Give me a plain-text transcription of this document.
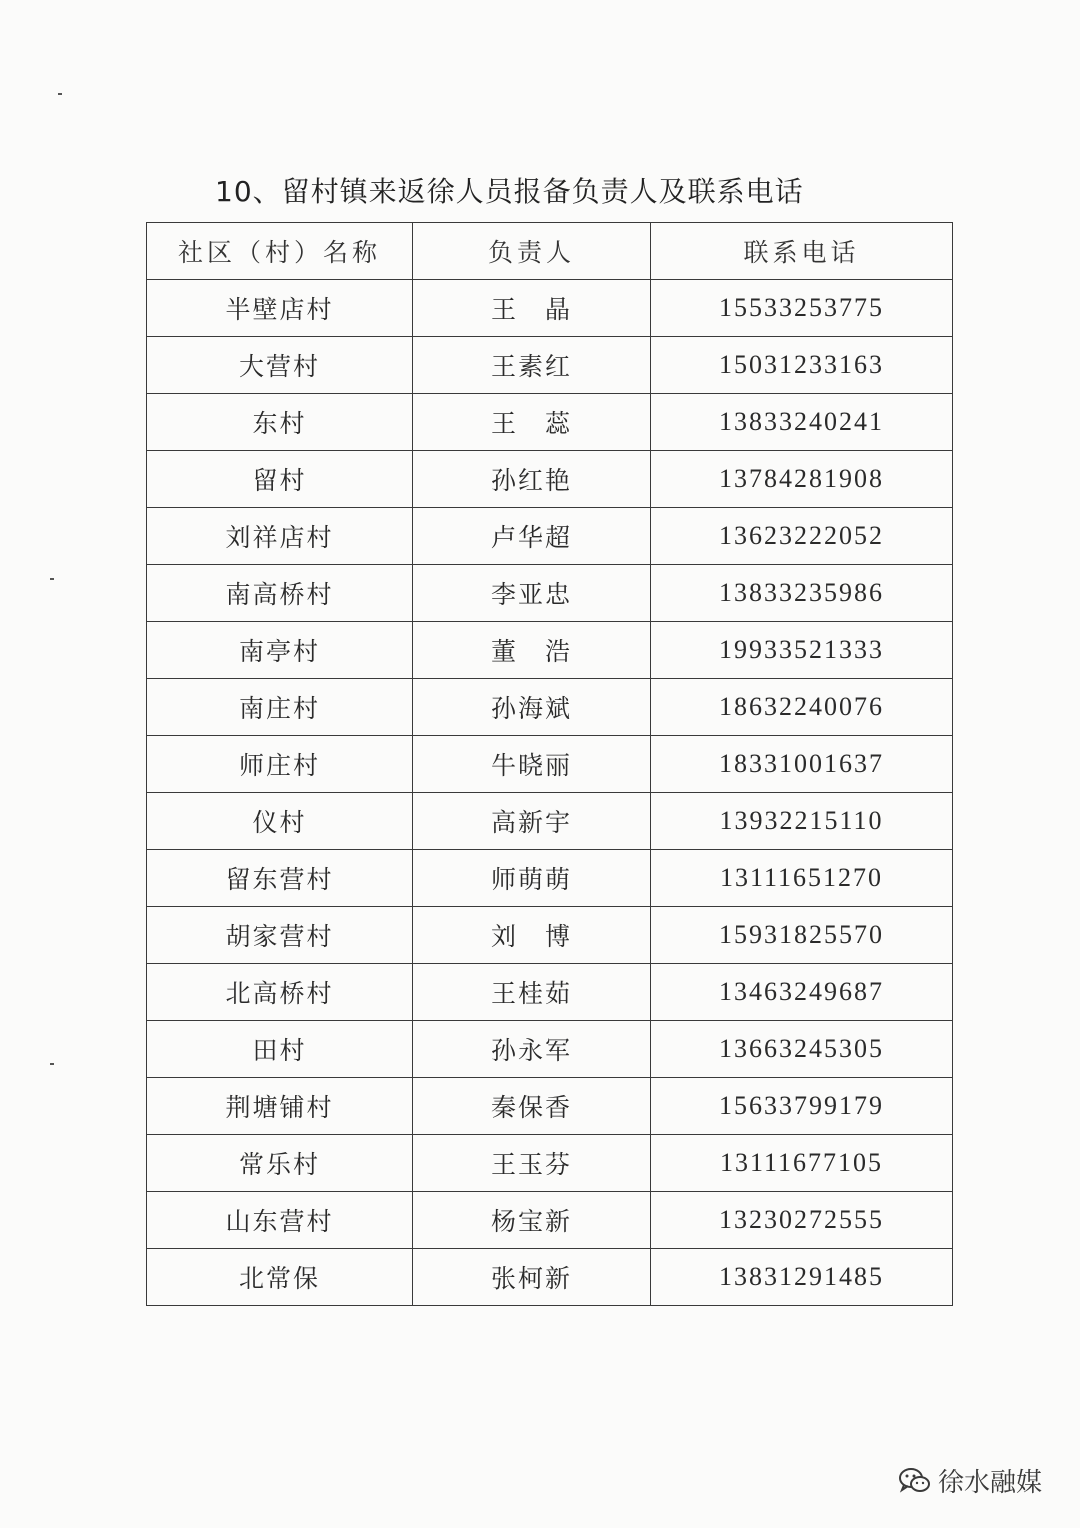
10、留村镇来返徐人员报备负责人及联系电话
社区（村）名称	负责人	联系电话
半壁店村	王　晶	15533253775
大营村	王素红	15031233163
东村	王　蕊	13833240241
留村	孙红艳	13784281908
刘祥店村	卢华超	13623222052
南高桥村	李亚忠	13833235986
南亭村	董　浩	19933521333
南庄村	孙海斌	18632240076
师庄村	牛晓丽	18331001637
仪村	高新宇	13932215110
留东营村	师萌萌	13111651270
胡家营村	刘　博	15931825570
北高桥村	王桂茹	13463249687
田村	孙永军	13663245305
荆塘铺村	秦保香	15633799179
常乐村	王玉芬	13111677105
山东营村	杨宝新	13230272555
北常保	张柯新	13831291485
徐水融媒
